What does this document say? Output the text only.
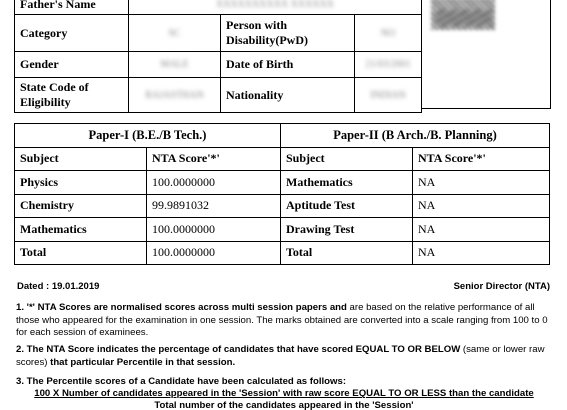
Father's Name	XXXXXXXXXX XXXXXX		
Category	SC	Person with Disability(PwD)	NO
Gender	MALE	Date of Birth	21/03/2001
State Code of Eligibility	RAJASTHAN	Nationality	INDIAN
Paper-I (B.E./B Tech.)		Paper-II (B Arch./B. Planning)	
Subject	NTA Score'*'	Subject	NTA Score'*'
Physics	100.0000000	Mathematics	NA
Chemistry	99.9891032	Aptitude Test	NA
Mathematics	100.0000000	Drawing Test	NA
Total	100.0000000	Total	NA
Dated : 19.01.2019	Senior Director (NTA)
1. '*' NTA Scores are normalised scores across multi session papers and are based on the relative performance of all those who appeared for the examination in one session. The marks obtained are converted into a scale ranging from 100 to 0 for each session of examinees.
2. The NTA Score indicates the percentage of candidates that have scored EQUAL TO OR BELOW (same or lower raw scores) that particular Percentile in that session.
3. The Percentile scores of a Candidate have been calculated as follows:
100 X Number of candidates appeared in the 'Session' with raw score EQUAL TO OR LESS than the candidate
Total number of the candidates appeared in the 'Session'
